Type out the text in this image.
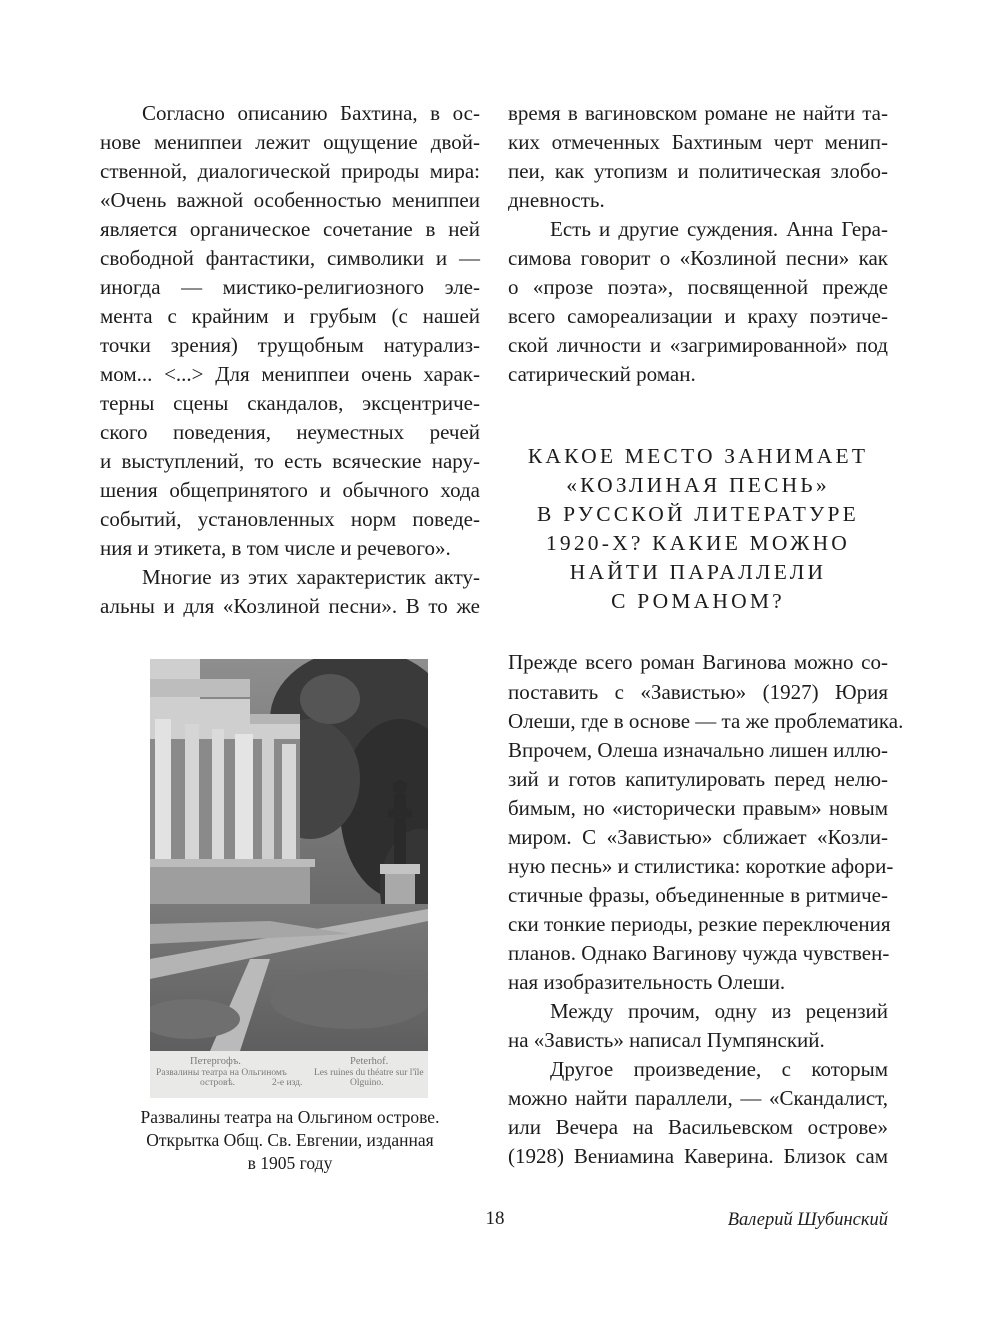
Согласно описанию Бахтина, в ос-
нове мениппеи лежит ощущение двой-
ственной, диалогической природы мира:
«Очень важной особенностью мениппеи
является органическое сочетание в ней
свободной фантастики, символики и —
иногда — мистико-религиозного эле-
мента с крайним и грубым (с нашей
точки зрения) трущобным натурализ-
мом... <...> Для мениппеи очень харак-
терны сцены скандалов, эксцентриче-
ского поведения, неуместных речей
и выступлений, то есть всяческие нару-
шения общепринятого и обычного хода
событий, установленных норм поведе-
ния и этикета, в том числе и речевого».
Многие из этих характеристик акту-
альны и для «Козлиной песни». В то же
время в вагиновском романе не найти та-
ких отмеченных Бахтиным черт менип-
пеи, как утопизм и политическая злобо-
дневность.
Есть и другие суждения. Анна Гера-
симова говорит о «Козлиной песни» как
о «прозе поэта», посвященной прежде
всего самореализации и краху поэтиче-
ской личности и «загримированной» под
сатирический роман.
КАКОЕ МЕСТО ЗАНИМАЕТ
«КОЗЛИНАЯ ПЕСНЬ»
В РУССКОЙ ЛИТЕРАТУРЕ
1920-Х? КАКИЕ МОЖНО
НАЙТИ ПАРАЛЛЕЛИ
С РОМАНОМ?
Прежде всего роман Вагинова можно со-
поставить с «Завистью» (1927) Юрия
Олеши, где в основе — та же проблематика.
Впрочем, Олеша изначально лишен иллю-
зий и готов капитулировать перед нелю-
бимым, но «исторически правым» новым
миром. С «Завистью» сближает «Козли-
ную песнь» и стилистика: короткие афори-
стичные фразы, объединенные в ритмиче-
ски тонкие периоды, резкие переключения
планов. Однако Вагинову чужда чувствен-
ная изобразительность Олеши.
Между прочим, одну из рецензий
на «Зависть» написал Пумпянский.
Другое произведение, с которым
можно найти параллели, — «Скандалист,
или Вечера на Васильевском острове»
(1928) Вениамина Каверина. Близок сам
Петергофъ.
Развалины театра на Ольгиномъ
островѣ.	2-е изд.
Peterhof.
Les ruines du théatre sur l'île
Olguino.
Развалины театра на Ольгином острове.
Открытка Общ. Св. Евгении, изданная
в 1905 году
18	Валерий Шубинский
